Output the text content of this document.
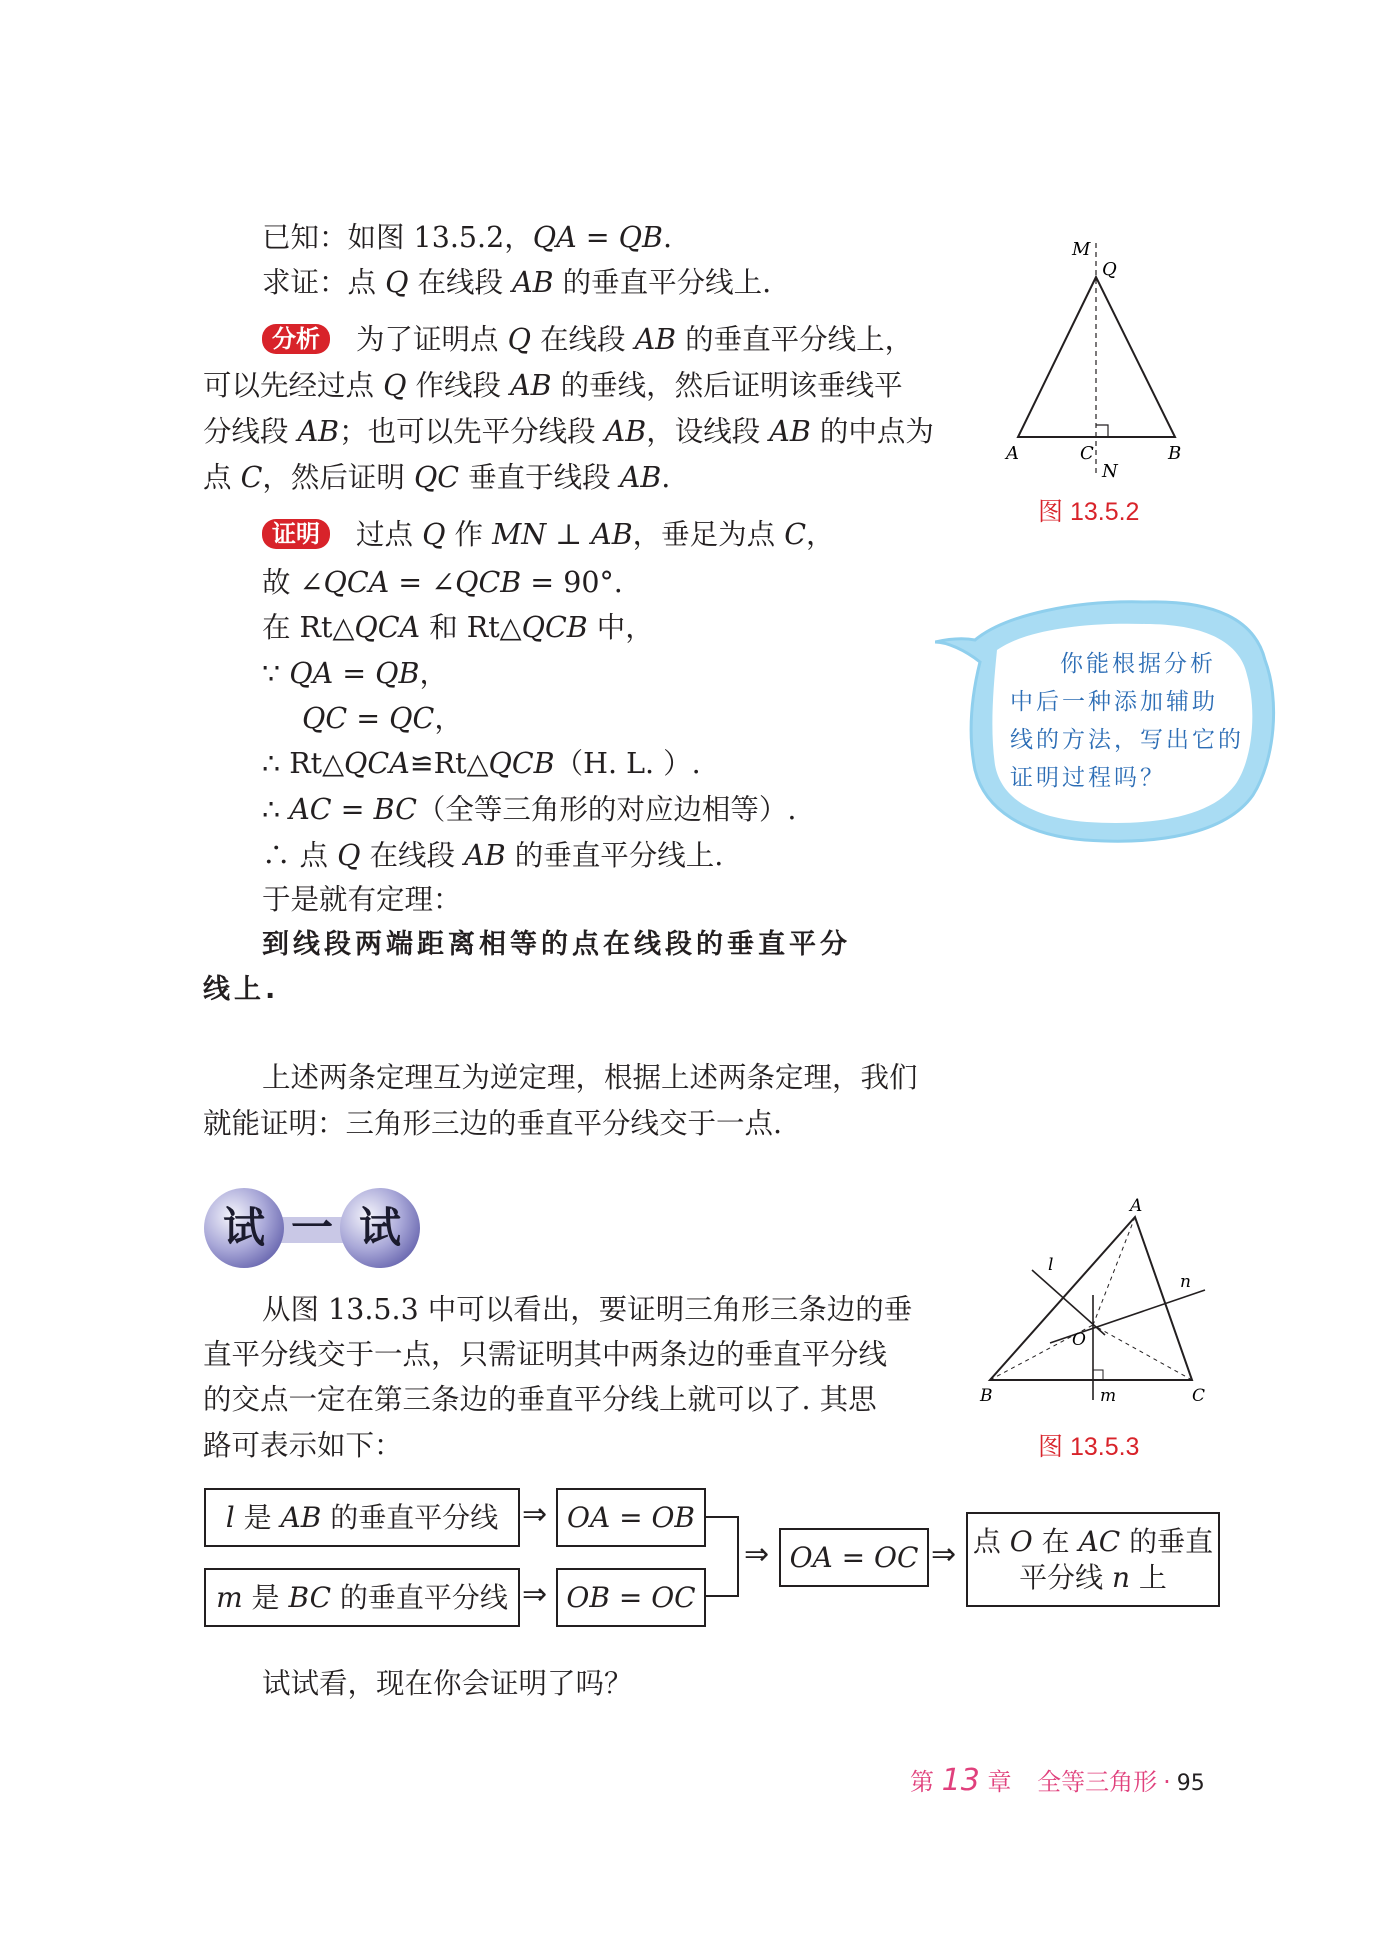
已知：如图 13.5.2，QA = QB.
求证：点 Q 在线段 AB 的垂直平分线上.
分析 为了证明点 Q 在线段 AB 的垂直平分线上，
可以先经过点 Q 作线段 AB 的垂线，然后证明该垂线平
分线段 AB；也可以先平分线段 AB，设线段 AB 的中点为
点 C，然后证明 QC 垂直于线段 AB.
证明 过点 Q 作 MN ⊥ AB，垂足为点 C，
故 ∠QCA = ∠QCB = 90°.
在 Rt△QCA 和 Rt△QCB 中，
∵ QA = QB，
QC = QC，
∴ Rt△QCA≌Rt△QCB（H. L. ）.
∴ AC = BC（全等三角形的对应边相等）.
∴ 点 Q 在线段 AB 的垂直平分线上.
于是就有定理：
到线段两端距离相等的点在线段的垂直平分
线上.
上述两条定理互为逆定理，根据上述两条定理，我们
就能证明：三角形三边的垂直平分线交于一点.
试 一 试
从图 13.5.3 中可以看出，要证明三角形三条边的垂
直平分线交于一点，只需证明其中两条边的垂直平分线
的交点一定在第三条边的垂直平分线上就可以了. 其思
路可表示如下：
l 是 AB 的垂直平分线 ⇒ OA = OB
m 是 BC 的垂直平分线 ⇒ OB = OC
⇒ OA = OC ⇒ 点 O 在 AC 的垂直
平分线 n 上
试试看，现在你会证明了吗？
M
Q
A	C	B
N
图 13.5.2
你能根据分析
中后一种添加辅助
线的方法，写出它的
证明过程吗？
A
B	C
O
l
n
m
图 13.5.3
第 13 章 全等三角形 · 95
